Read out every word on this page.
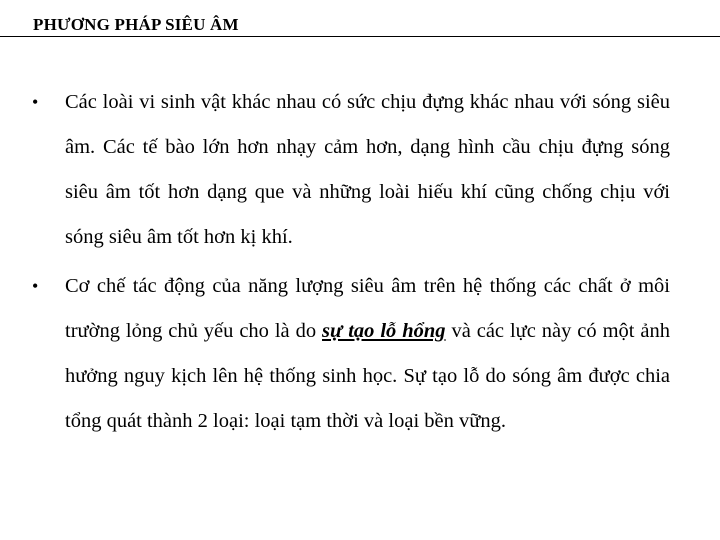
PHƯƠNG PHÁP SIÊU ÂM
•	Các loài vi sinh vật khác nhau có sức chịu đựng khác nhau với sóng siêu âm. Các tế bào lớn hơn nhạy cảm hơn, dạng hình cầu chịu đựng sóng siêu âm tốt hơn dạng que và những loài hiếu khí cũng chống chịu với sóng siêu âm tốt hơn kị khí.
•	Cơ chế tác động của năng lượng siêu âm trên hệ thống các chất ở môi trường lỏng chủ yếu cho là do sự tạo lỗ hổng và các lực này có một ảnh hưởng nguy kịch lên hệ thống sinh học. Sự tạo lỗ do sóng âm được chia tổng quát thành 2 loại: loại tạm thời và loại bền vững.
